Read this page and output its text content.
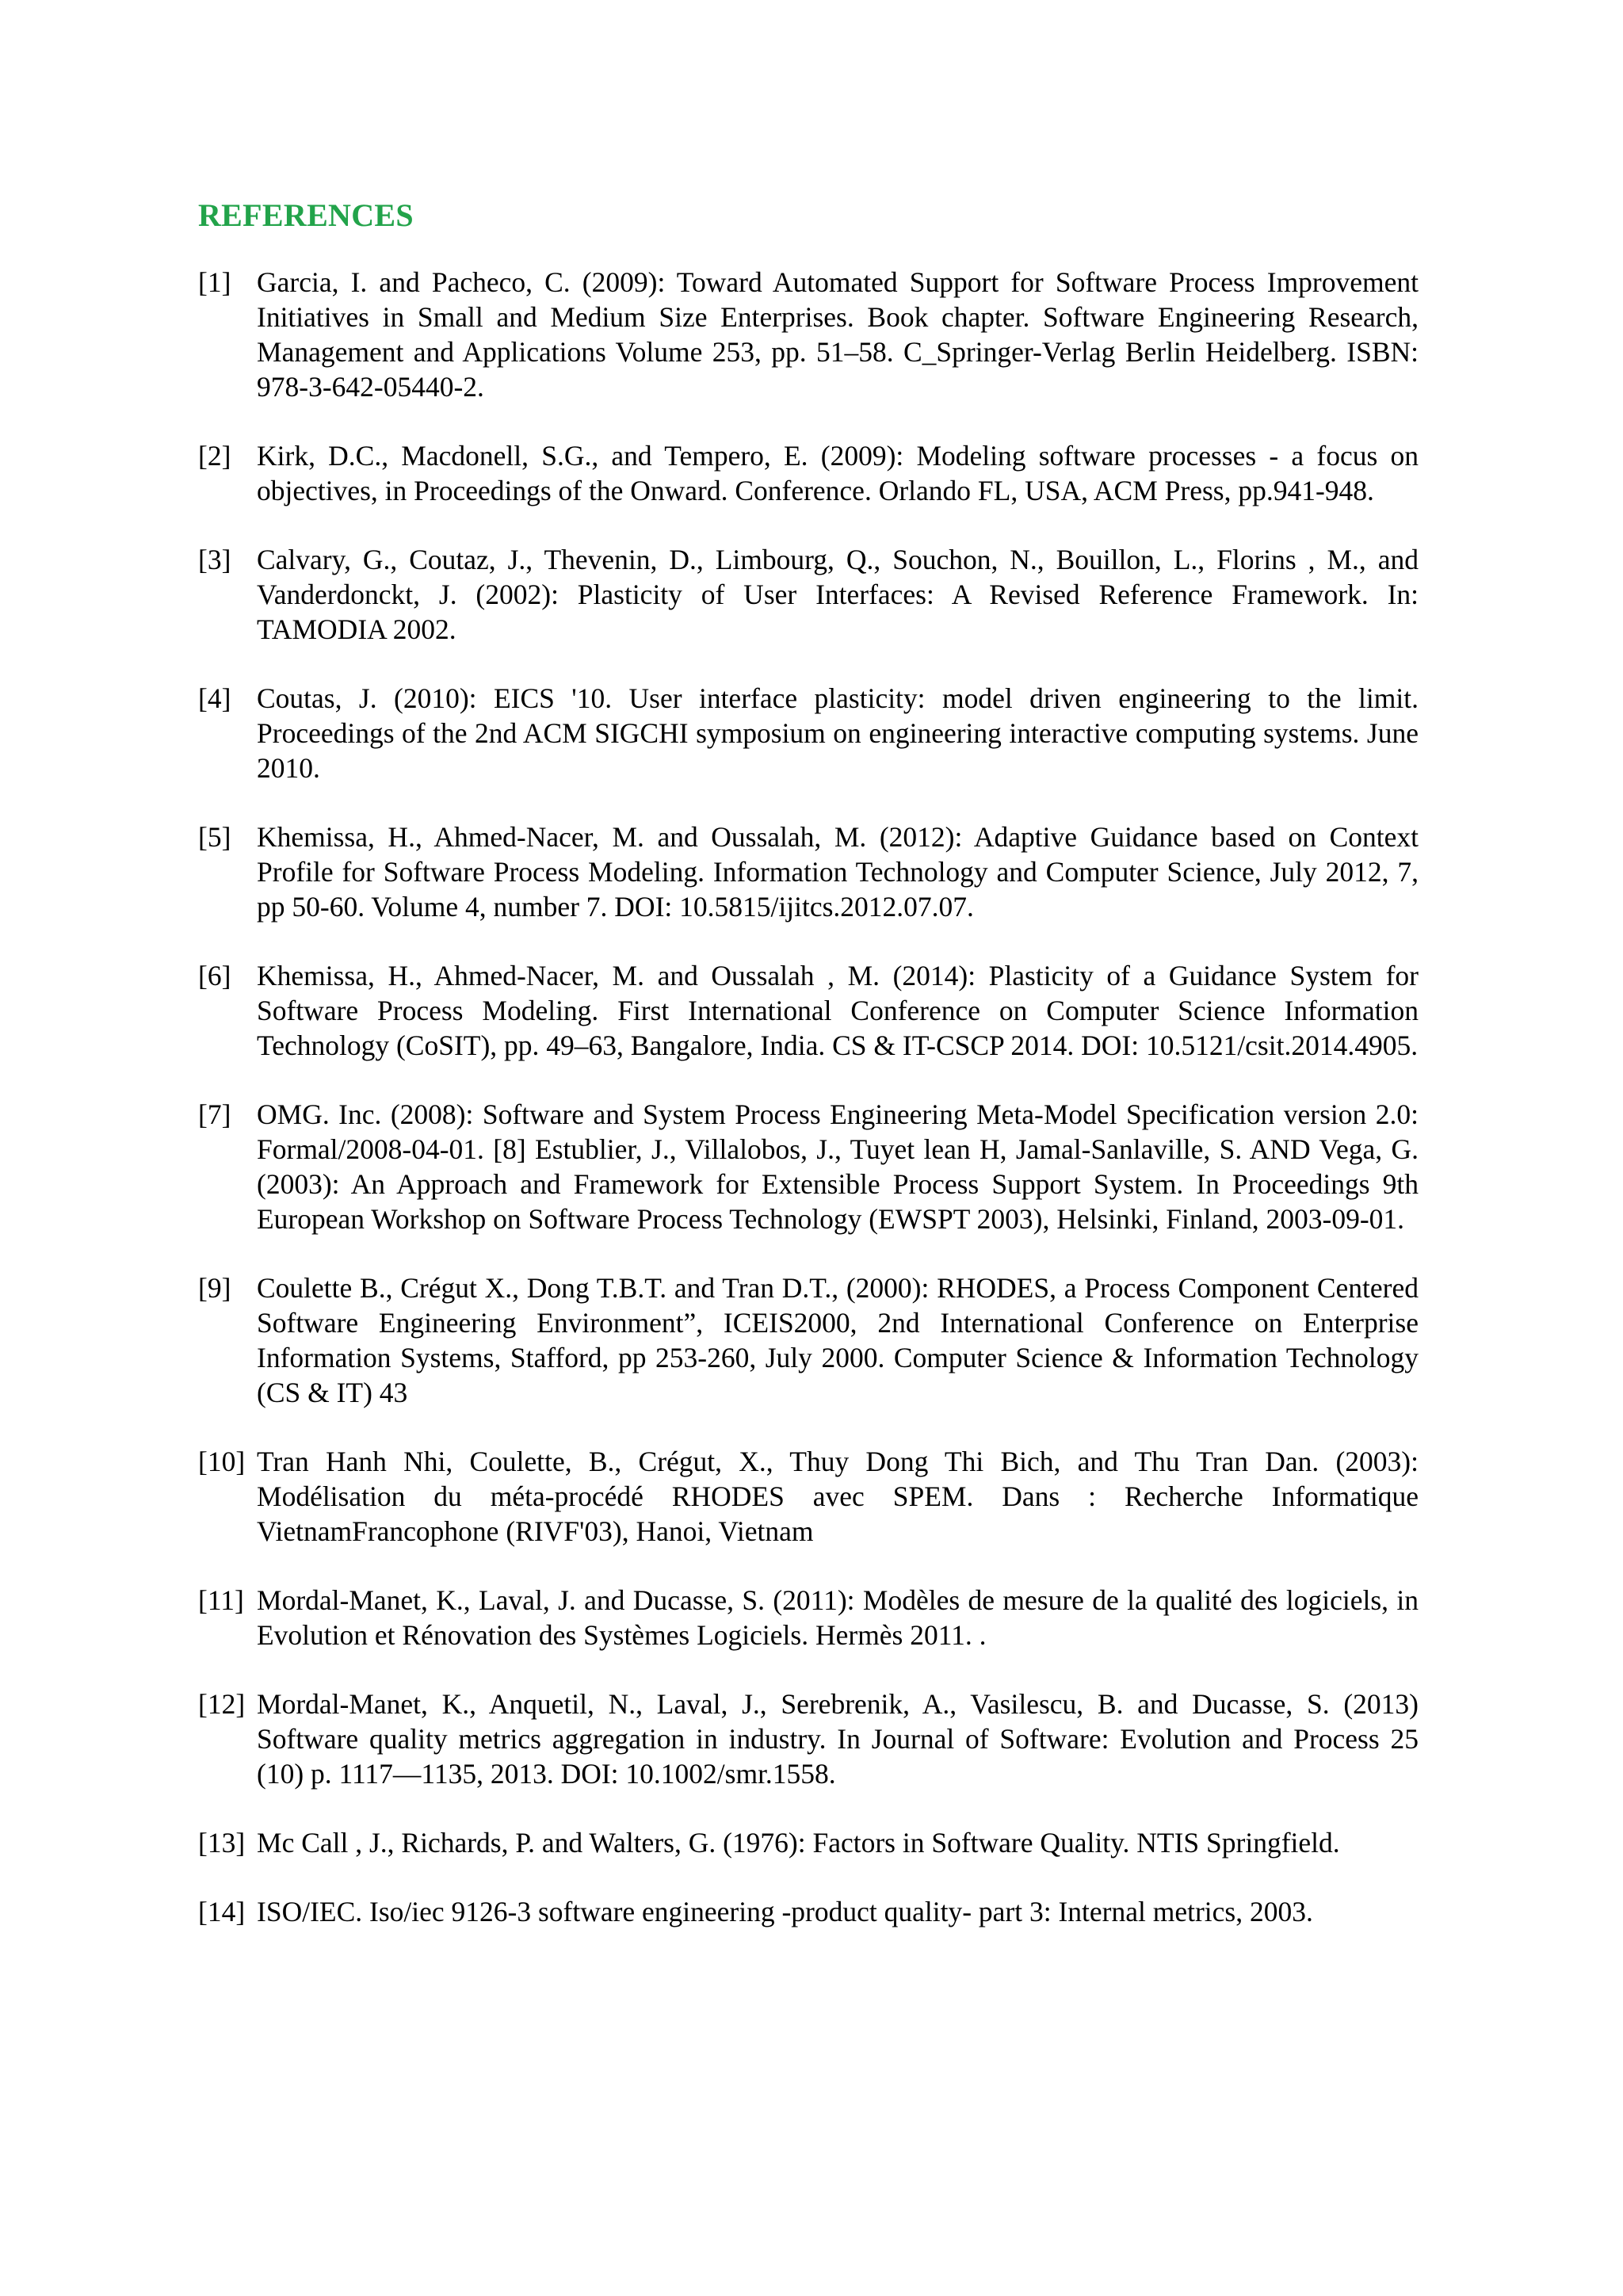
REFERENCES
[1] Garcia, I. and Pacheco, C. (2009): Toward Automated Support for Software Process Improvement Initiatives in Small and Medium Size Enterprises. Book chapter. Software Engineering Research, Management and Applications Volume 253, pp. 51–58. C_Springer-Verlag Berlin Heidelberg. ISBN: 978-3-642-05440-2.
[2] Kirk, D.C., Macdonell, S.G., and Tempero, E. (2009): Modeling software processes - a focus on objectives, in Proceedings of the Onward. Conference. Orlando FL, USA, ACM Press, pp.941-948.
[3] Calvary, G., Coutaz, J., Thevenin, D., Limbourg, Q., Souchon, N., Bouillon, L., Florins , M., and Vanderdonckt, J. (2002): Plasticity of User Interfaces: A Revised Reference Framework. In: TAMODIA 2002.
[4] Coutas, J. (2010): EICS '10. User interface plasticity: model driven engineering to the limit. Proceedings of the 2nd ACM SIGCHI symposium on engineering interactive computing systems. June 2010.
[5] Khemissa, H., Ahmed-Nacer, M. and Oussalah, M. (2012): Adaptive Guidance based on Context Profile for Software Process Modeling. Information Technology and Computer Science, July 2012, 7, pp 50-60. Volume 4, number 7. DOI: 10.5815/ijitcs.2012.07.07.
[6] Khemissa, H., Ahmed-Nacer, M. and Oussalah , M. (2014): Plasticity of a Guidance System for Software Process Modeling. First International Conference on Computer Science Information Technology (CoSIT), pp. 49–63, Bangalore, India. CS & IT-CSCP 2014. DOI: 10.5121/csit.2014.4905.
[7] OMG. Inc. (2008): Software and System Process Engineering Meta-Model Specification version 2.0: Formal/2008-04-01. [8] Estublier, J., Villalobos, J., Tuyet lean H, Jamal-Sanlaville, S. AND Vega, G. (2003): An Approach and Framework for Extensible Process Support System. In Proceedings 9th European Workshop on Software Process Technology (EWSPT 2003), Helsinki, Finland, 2003-09-01.
[9] Coulette B., Crégut X., Dong T.B.T. and Tran D.T., (2000): RHODES, a Process Component Centered Software Engineering Environment”, ICEIS2000, 2nd International Conference on Enterprise Information Systems, Stafford, pp 253-260, July 2000. Computer Science & Information Technology (CS & IT) 43
[10] Tran Hanh Nhi, Coulette, B., Crégut, X., Thuy Dong Thi Bich, and Thu Tran Dan. (2003): Modélisation du méta-procédé RHODES avec SPEM. Dans : Recherche Informatique VietnamFrancophone (RIVF'03), Hanoi, Vietnam
[11] Mordal-Manet, K., Laval, J. and Ducasse, S. (2011): Modèles de mesure de la qualité des logiciels, in Evolution et Rénovation des Systèmes Logiciels. Hermès 2011. .
[12] Mordal-Manet, K., Anquetil, N., Laval, J., Serebrenik, A., Vasilescu, B. and Ducasse, S. (2013) Software quality metrics aggregation in industry. In Journal of Software: Evolution and Process 25 (10) p. 1117—1135, 2013. DOI: 10.1002/smr.1558.
[13] Mc Call , J., Richards, P. and Walters, G. (1976): Factors in Software Quality. NTIS Springfield.
[14] ISO/IEC. Iso/iec 9126-3 software engineering -product quality- part 3: Internal metrics, 2003.
